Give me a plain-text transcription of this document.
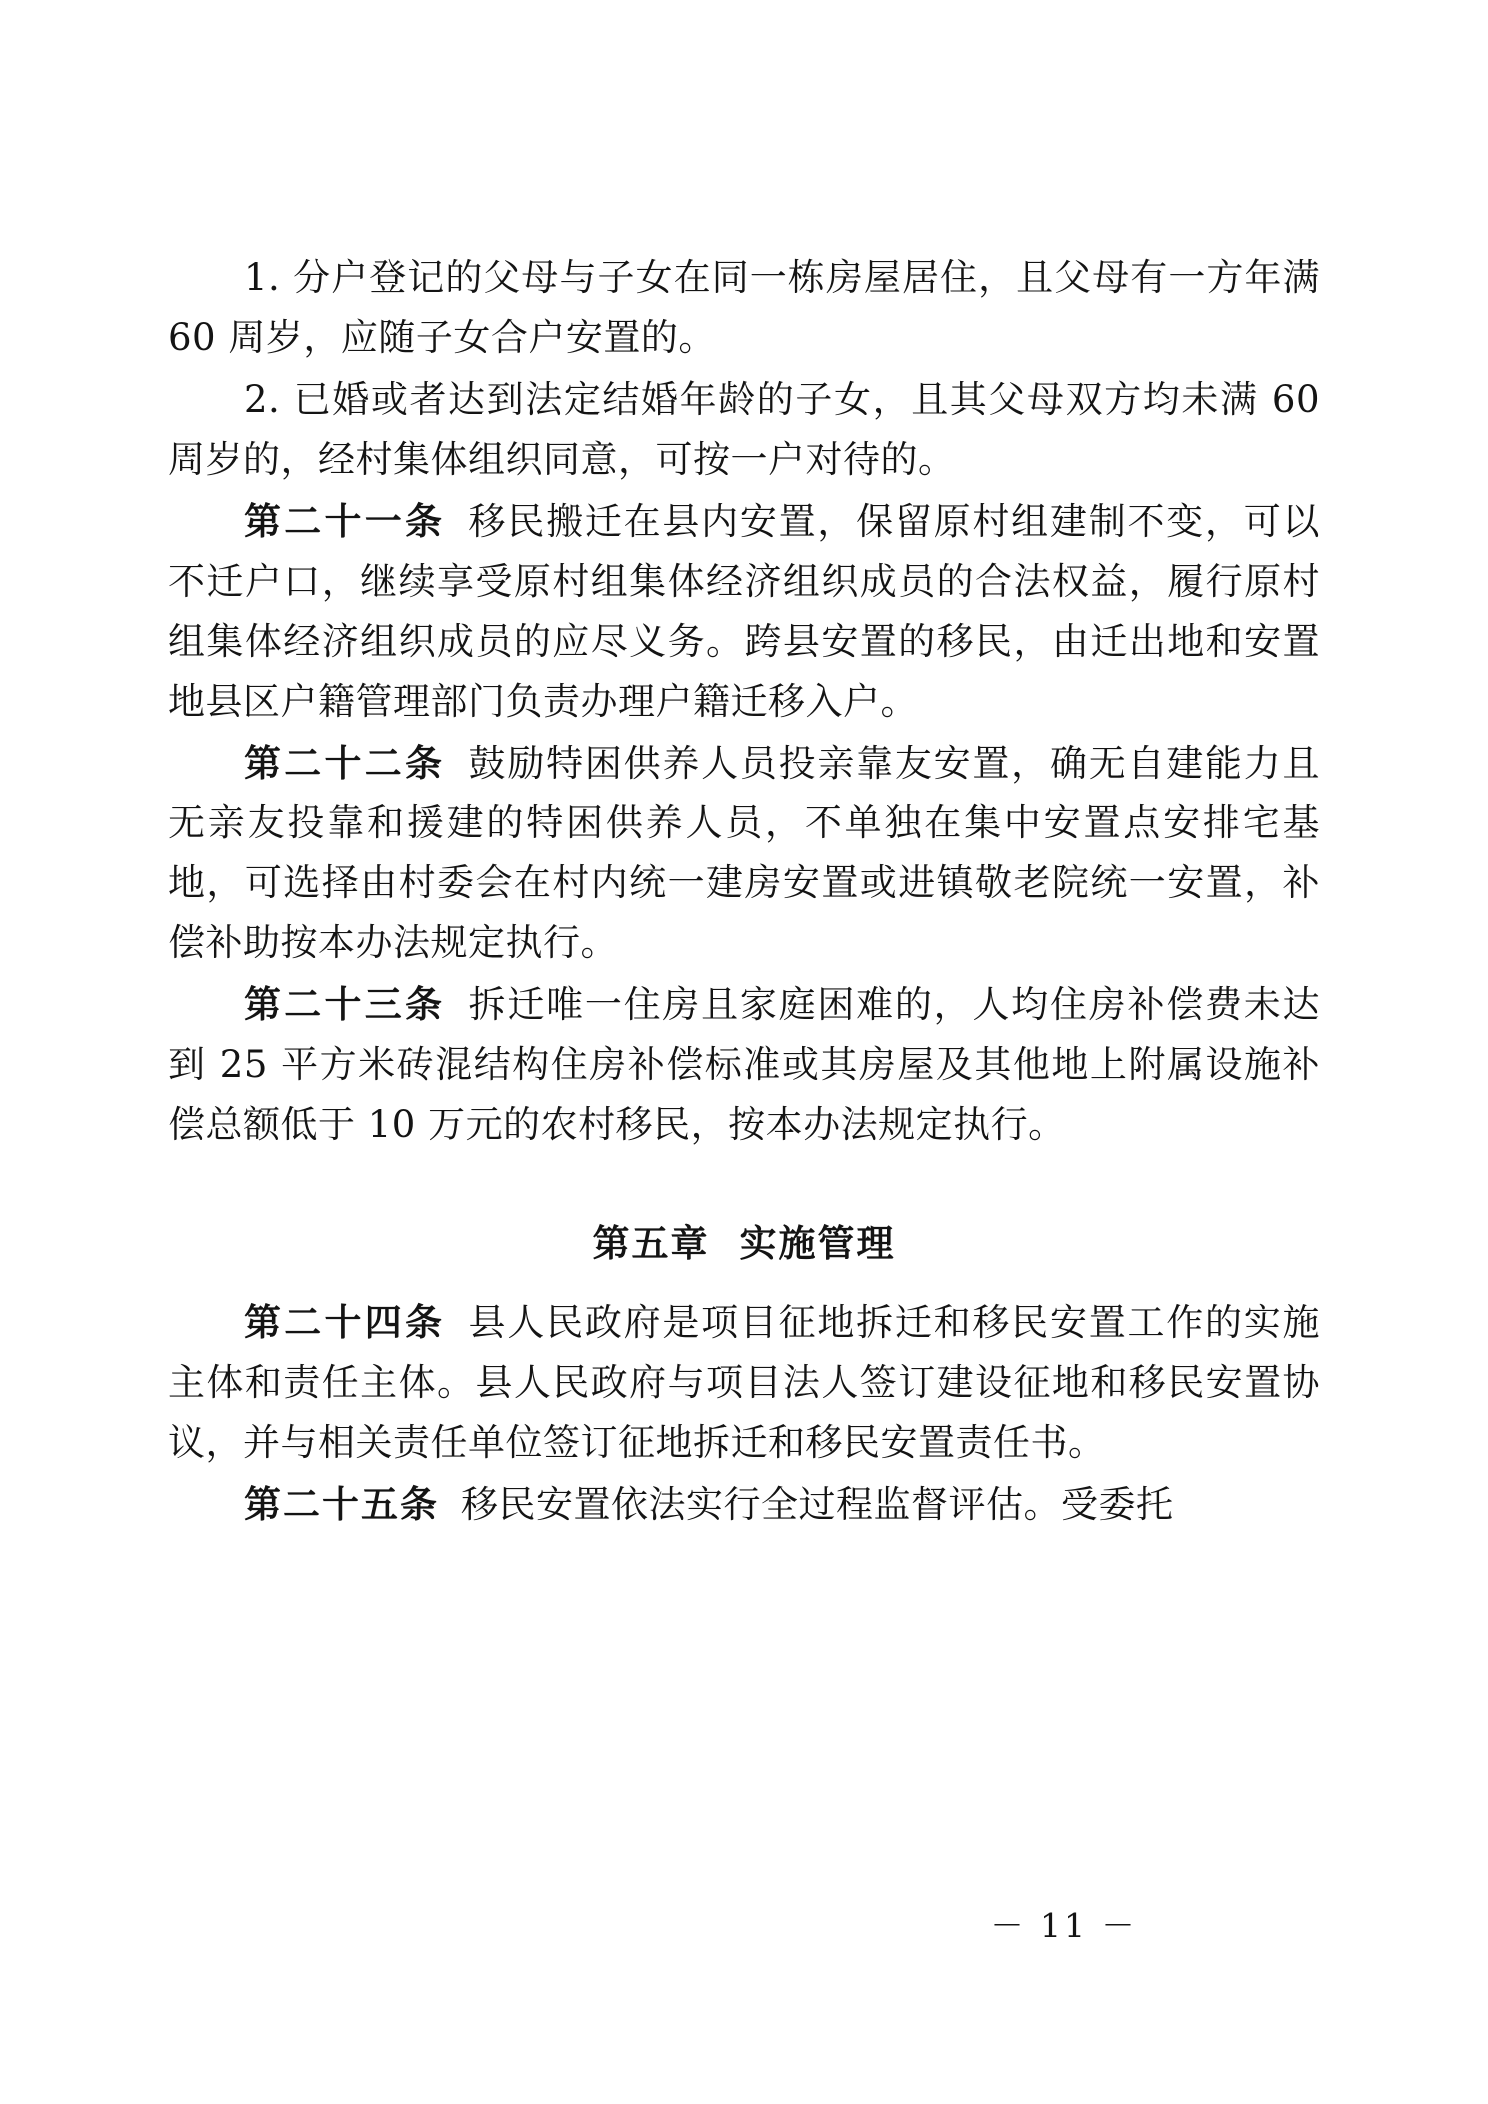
1. 分户登记的父母与子女在同一栋房屋居住，且父母有一方年满 60 周岁，应随子女合户安置的。

2. 已婚或者达到法定结婚年龄的子女，且其父母双方均未满 60 周岁的，经村集体组织同意，可按一户对待的。

第二十一条 移民搬迁在县内安置，保留原村组建制不变，可以不迁户口，继续享受原村组集体经济组织成员的合法权益，履行原村组集体经济组织成员的应尽义务。跨县安置的移民，由迁出地和安置地县区户籍管理部门负责办理户籍迁移入户。

第二十二条 鼓励特困供养人员投亲靠友安置，确无自建能力且无亲友投靠和援建的特困供养人员，不单独在集中安置点安排宅基地，可选择由村委会在村内统一建房安置或进镇敬老院统一安置，补偿补助按本办法规定执行。

第二十三条 拆迁唯一住房且家庭困难的，人均住房补偿费未达到 25 平方米砖混结构住房补偿标准或其房屋及其他地上附属设施补偿总额低于 10 万元的农村移民，按本办法规定执行。

第五章 实施管理

第二十四条 县人民政府是项目征地拆迁和移民安置工作的实施主体和责任主体。县人民政府与项目法人签订建设征地和移民安置协议，并与相关责任单位签订征地拆迁和移民安置责任书。

第二十五条 移民安置依法实行全过程监督评估。受委托

－ 11 －
